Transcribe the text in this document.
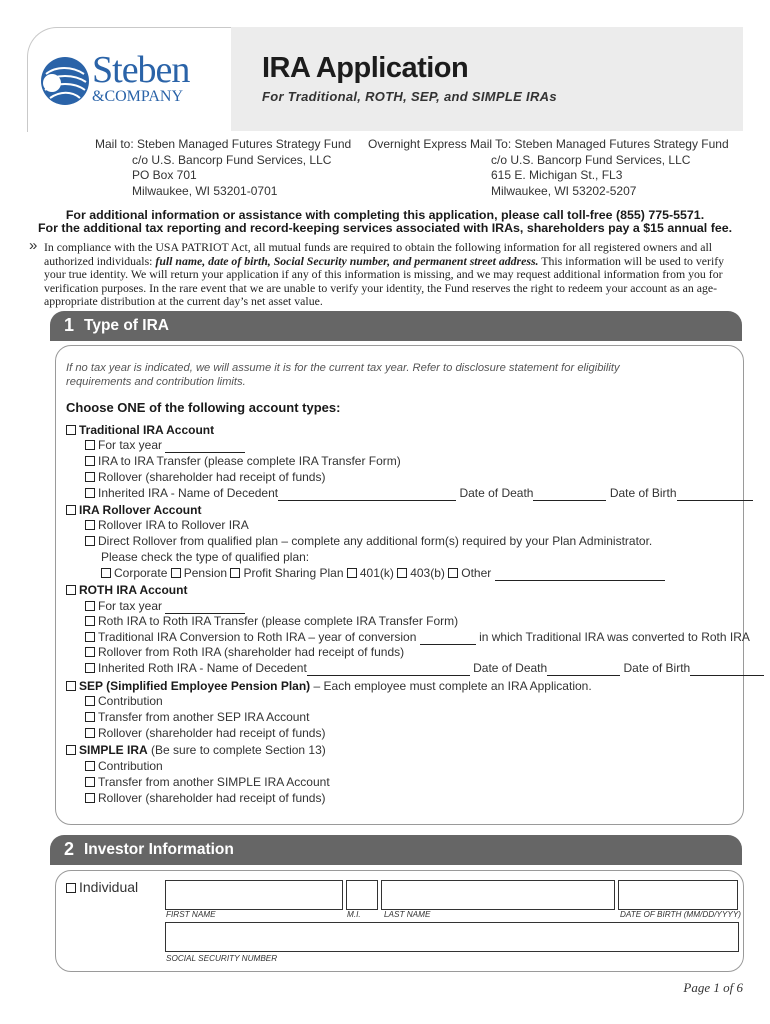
Steben
&COMPANY
IRA Application
For Traditional, ROTH, SEP, and SIMPLE IRAs
Mail to: Steben Managed Futures Strategy Fund
c/o U.S. Bancorp Fund Services, LLC
PO Box 701
Milwaukee, WI 53201-0701
Overnight Express Mail To: Steben Managed Futures Strategy Fund
c/o U.S. Bancorp Fund Services, LLC
615 E. Michigan St., FL3
Milwaukee, WI 53202-5207
For additional information or assistance with completing this application, please call toll-free (855) 775-5571.
For the additional tax reporting and record-keeping services associated with IRAs, shareholders pay a $15 annual fee.
» In compliance with the USA PATRIOT Act, all mutual funds are required to obtain the following information for all registered owners and all authorized individuals: full name, date of birth, Social Security number, and permanent street address. This information will be used to verify your true identity. We will return your application if any of this information is missing, and we may request additional information from you for verification purposes. In the rare event that we are unable to verify your identity, the Fund reserves the right to redeem your account as an age-appropriate distribution at the current day’s net asset value.
1 Type of IRA
If no tax year is indicated, we will assume it is for the current tax year. Refer to disclosure statement for eligibility requirements and contribution limits.
Choose ONE of the following account types:
Traditional IRA Account
For tax year
IRA to IRA Transfer (please complete IRA Transfer Form)
Rollover (shareholder had receipt of funds)
Inherited IRA - Name of Decedent	Date of Death	Date of Birth
IRA Rollover Account
Rollover IRA to Rollover IRA
Direct Rollover from qualified plan – complete any additional form(s) required by your Plan Administrator.
Please check the type of qualified plan:
Corporate Pension Profit Sharing Plan 401(k) 403(b) Other
ROTH IRA Account
For tax year
Roth IRA to Roth IRA Transfer (please complete IRA Transfer Form)
Traditional IRA Conversion to Roth IRA – year of conversion	in which Traditional IRA was converted to Roth IRA
Rollover from Roth IRA (shareholder had receipt of funds)
Inherited Roth IRA - Name of Decedent	Date of Death	Date of Birth
SEP (Simplified Employee Pension Plan) – Each employee must complete an IRA Application.
Contribution
Transfer from another SEP IRA Account
Rollover (shareholder had receipt of funds)
SIMPLE IRA (Be sure to complete Section 13)
Contribution
Transfer from another SIMPLE IRA Account
Rollover (shareholder had receipt of funds)
2 Investor Information
Individual
FIRST NAME	M.I.	LAST NAME	DATE OF BIRTH (MM/DD/YYYY)
SOCIAL SECURITY NUMBER
Page 1 of 6
